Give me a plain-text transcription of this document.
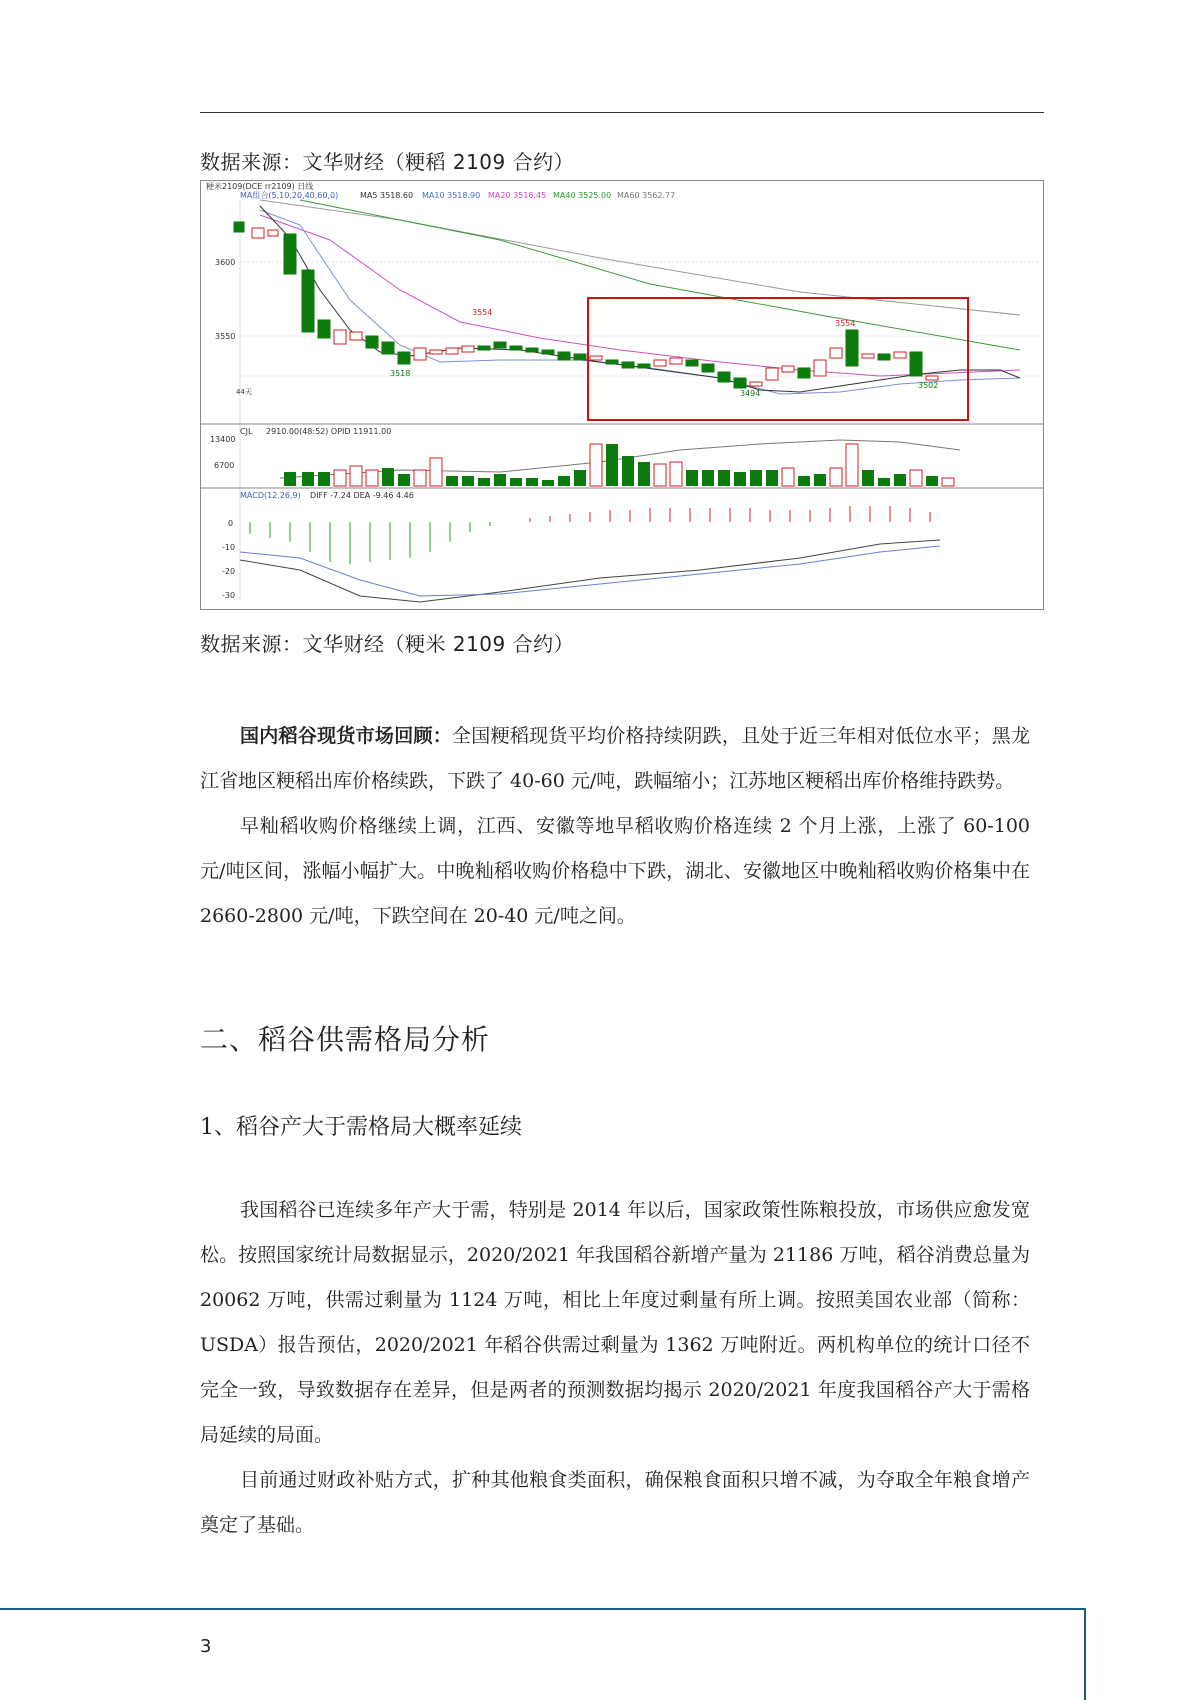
数据来源：文华财经（粳稻 2109 合约）
粳米2109(DCE rr2109) 日线
MA组合(5,10,20,40,60,0)	MA5 3518.60 MA10 3518.90 MA20 3516.45 MA40 3525.00 MA60 3562.77
3600
3550
3554
3518
3554
3494
3502
44天
CJL 2910.00(48:52) OPID 11911.00
13400
6700
MACD(12,26,9) DIFF -7.24 DEA -9.46 4.46
0
-10
-20
-30
数据来源：文华财经（粳米 2109 合约）

国内稻谷现货市场回顾：全国粳稻现货平均价格持续阴跌，且处于近三年相对低位水平；黑龙江省地区粳稻出库价格续跌，下跌了 40-60 元/吨，跌幅缩小；江苏地区粳稻出库价格维持跌势。

早籼稻收购价格继续上调，江西、安徽等地早稻收购价格连续 2 个月上涨，上涨了 60-100 元/吨区间，涨幅小幅扩大。中晚籼稻收购价格稳中下跌，湖北、安徽地区中晚籼稻收购价格集中在 2660-2800 元/吨，下跌空间在 20-40 元/吨之间。

二、稻谷供需格局分析
1、稻谷产大于需格局大概率延续

我国稻谷已连续多年产大于需，特别是 2014 年以后，国家政策性陈粮投放，市场供应愈发宽松。按照国家统计局数据显示，2020/2021 年我国稻谷新增产量为 21186 万吨，稻谷消费总量为 20062 万吨，供需过剩量为 1124 万吨，相比上年度过剩量有所上调。按照美国农业部（简称：USDA）报告预估，2020/2021 年稻谷供需过剩量为 1362 万吨附近。两机构单位的统计口径不完全一致，导致数据存在差异，但是两者的预测数据均揭示 2020/2021 年度我国稻谷产大于需格局延续的局面。

目前通过财政补贴方式，扩种其他粮食类面积，确保粮食面积只增不减，为夺取全年粮食增产奠定了基础。

3
